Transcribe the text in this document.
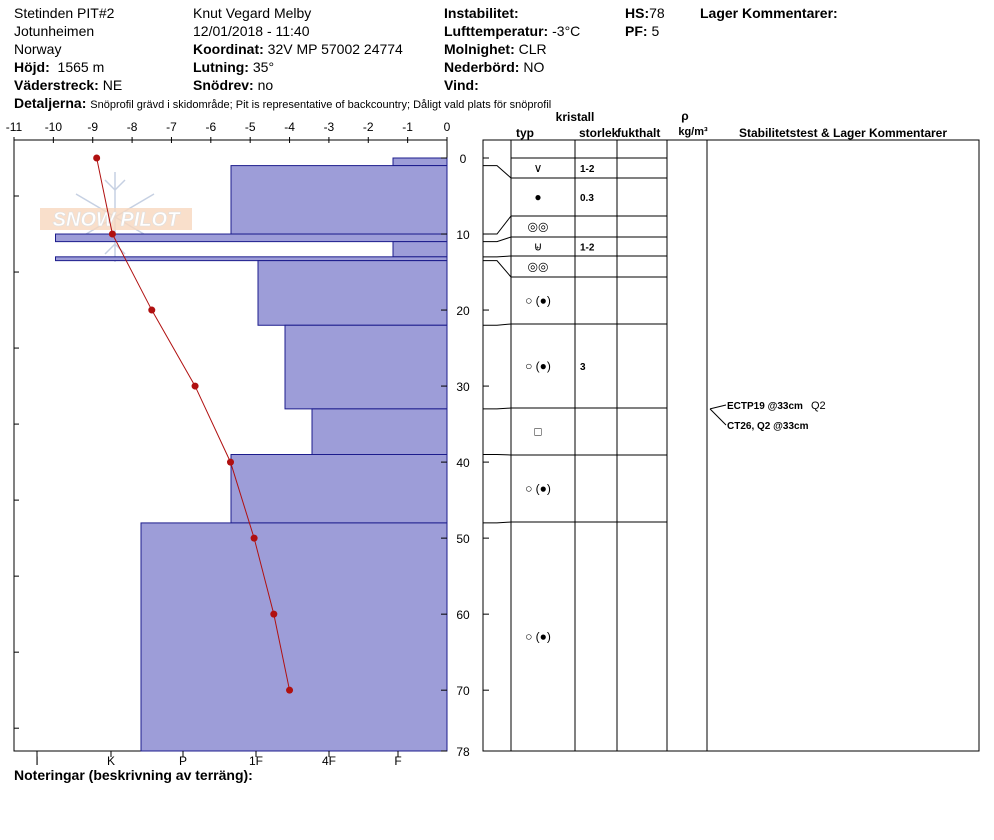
Stetinden PIT#2
Jotunheimen
Norway
Höjd: 1565 m
Väderstreck: NE
Knut Vegard Melby
12/01/2018 - 11:40
Koordinat: 32V MP 57002 24774
Lutning: 35°
Snödrev: no
Instabilitet:
Lufttemperatur: -3°C
Molnighet: CLR
Nederbörd: NO
Vind:
HS:78
PF: 5
Lager Kommentarer:
Detaljerna: Snöprofil grävd i skidområde; Pit is representative of backcountry; Dåligt vald plats för snöprofil
Noteringar (beskrivning av terräng):
SNOW PILOT
-11 -10 -9 -8 -7 -6 -5 -4 -3 -2 -1	0
0
10
20
30
40
50
60
70
78
I	K	P	1F	4F	F
kristall
typ	storlek
fukthalt
ρ
kg/m³	Stabilitetstest & Lager Kommentarer
∨	1-2
●	0.3
◎◎
⊌	1-2
◎◎
○ (●)
○ (●)	3
□
○ (●)
○ (●)
ECTP19 @33cm Q2
CT26, Q2 @33cm
